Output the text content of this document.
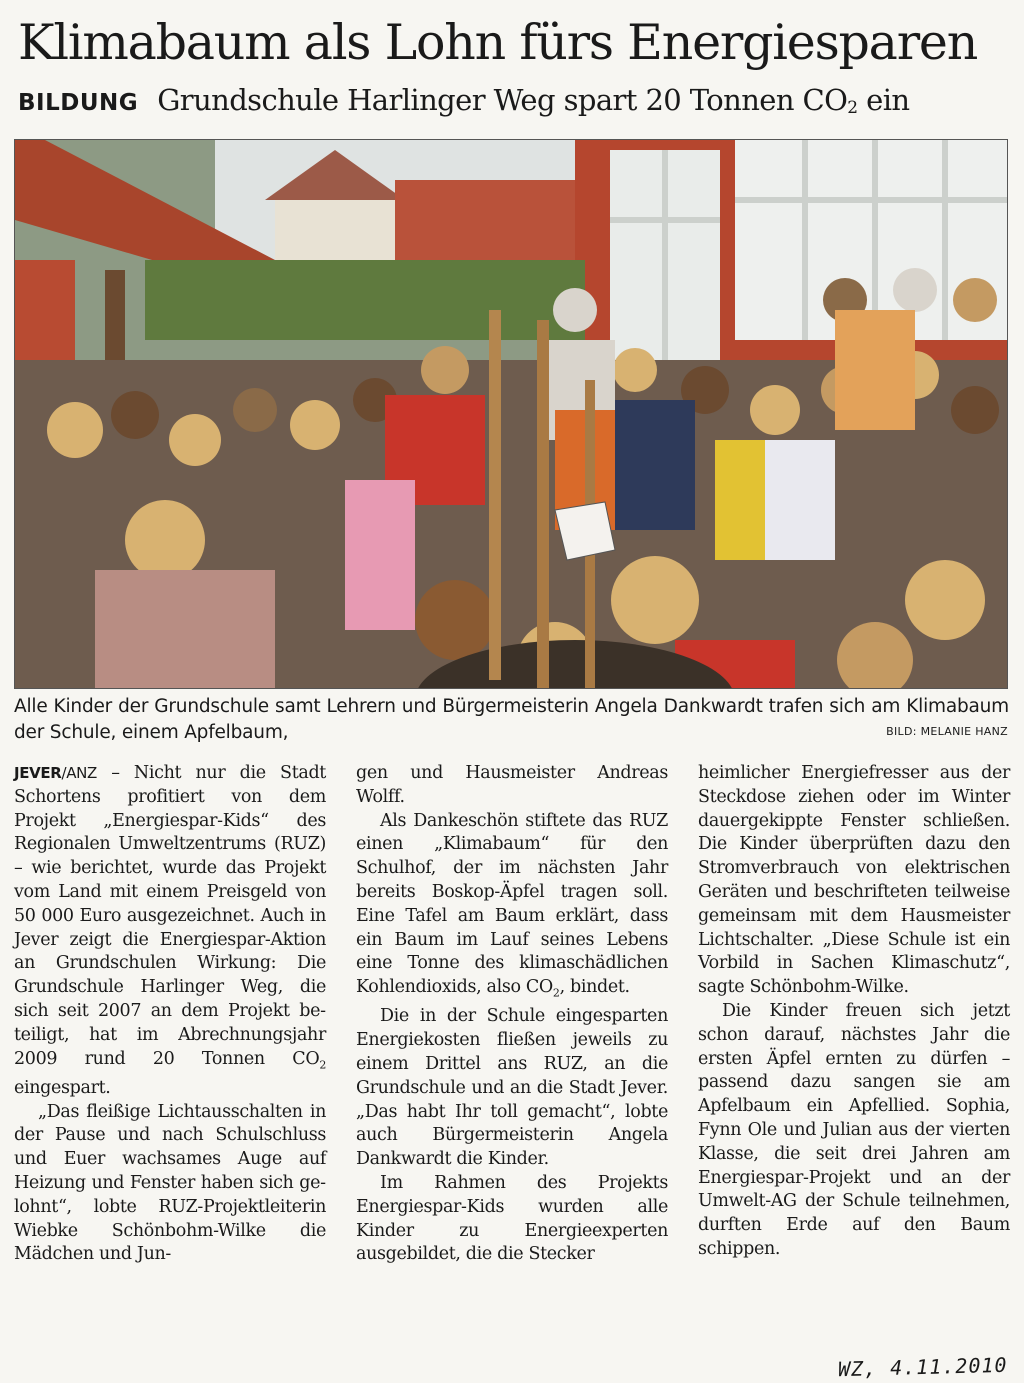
Klimabaum als Lohn fürs Energiesparen
BILDUNG Grundschule Harlinger Weg spart 20 Tonnen $CO_2$ ein
Alle Kinder der Grundschule samt Lehrern und Bürgermeisterin Angela Dankwardt trafen sich am Klimabaum der Schule, einem Apfelbaum,	BILD: MELANIE HANZ

JEVER/ANZ – Nicht nur die Stadt Schortens profitiert von dem Projekt „Energiespar-Kids“ des Regionalen Umweltzentrums (RUZ) – wie berichtet, wurde das Projekt vom Land mit einem Preisgeld von 50 000 Euro ausgezeichnet. Auch in Jever zeigt die Energiespar-Aktion an Grundschulen Wirkung: Die Grundschule Harlinger Weg, die sich seit 2007 an dem Projekt beteiligt, hat im Abrechnungsjahr 2009 rund 20 Tonnen $CO_2$ eingespart.

„Das fleißige Lichtausschalten in der Pause und nach Schulschluss und Euer wachsames Auge auf Heizung und Fenster haben sich gelohnt“, lobte RUZ-Projektleiterin Wiebke Schönbohm-Wilke die Mädchen und Jun-

gen und Hausmeister Andreas Wolff.

Als Dankeschön stiftete das RUZ einen „Klimabaum“ für den Schulhof, der im nächsten Jahr bereits Boskop-Äpfel tragen soll. Eine Tafel am Baum erklärt, dass ein Baum im Lauf seines Lebens eine Tonne des klimaschädlichen Kohlendioxids, also $CO_2$, bindet.

Die in der Schule eingesparten Energiekosten fließen jeweils zu einem Drittel ans RUZ, an die Grundschule und an die Stadt Jever. „Das habt Ihr toll gemacht“, lobte auch Bürgermeisterin Angela Dankwardt die Kinder.

Im Rahmen des Projekts Energiespar-Kids wurden alle Kinder zu Energieexperten ausgebildet, die die Stecker

heimlicher Energiefresser aus der Steckdose ziehen oder im Winter dauergekippte Fenster schließen. Die Kinder überprüften dazu den Stromverbrauch von elektrischen Geräten und beschrifteten teilweise gemeinsam mit dem Hausmeister Lichtschalter. „Diese Schule ist ein Vorbild in Sachen Klimaschutz“, sagte Schönbohm-Wilke.

Die Kinder freuen sich jetzt schon darauf, nächstes Jahr die ersten Äpfel ernten zu dürfen – passend dazu sangen sie am Apfelbaum ein Apfellied. Sophia, Fynn Ole und Julian aus der vierten Klasse, die seit drei Jahren am Energiespar-Projekt und an der Umwelt-AG der Schule teilnehmen, durften Erde auf den Baum schippen.

WZ, 4.11.2010
